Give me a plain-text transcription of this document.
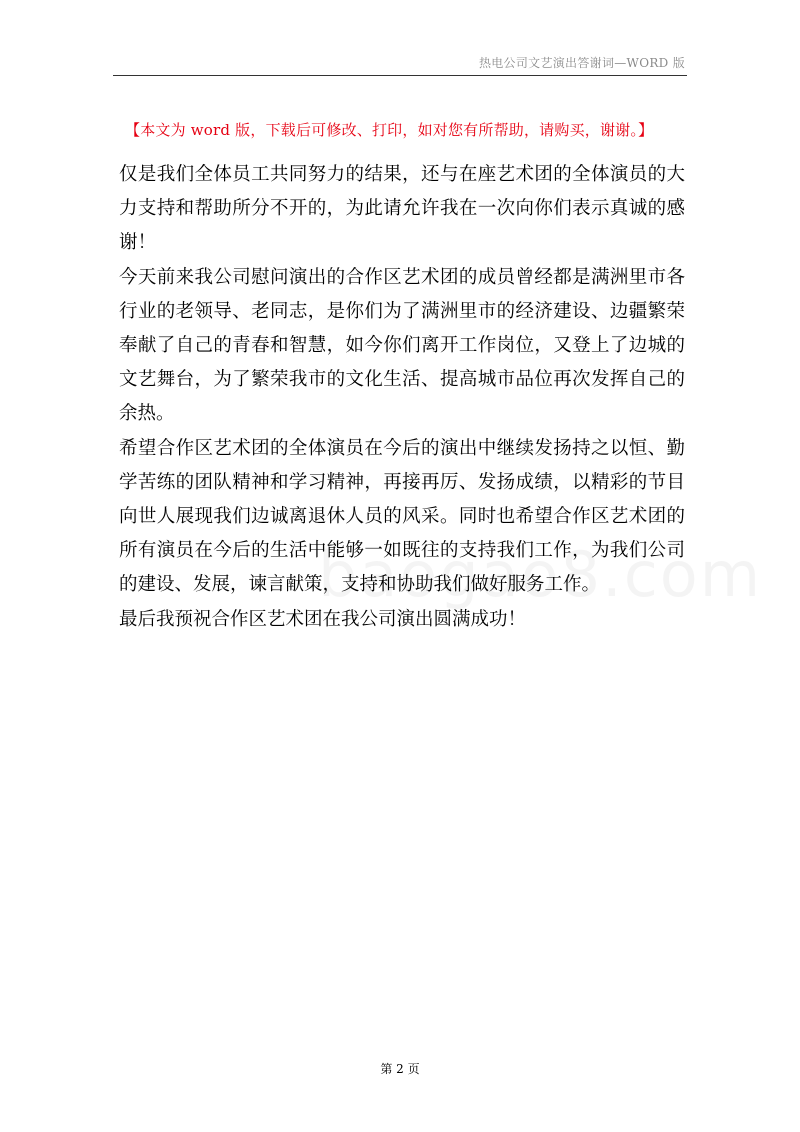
热电公司文艺演出答谢词—WORD 版
【本文为 word 版，下载后可修改、打印，如对您有所帮助，请购买，谢谢。】

仅是我们全体员工共同努力的结果，还与在座艺术团的全体演员的大力支持和帮助所分不开的，为此请允许我在一次向你们表示真诚的感谢！

今天前来我公司慰问演出的合作区艺术团的成员曾经都是满洲里市各行业的老领导、老同志，是你们为了满洲里市的经济建设、边疆繁荣奉献了自己的青春和智慧，如今你们离开工作岗位，又登上了边城的文艺舞台，为了繁荣我市的文化生活、提高城市品位再次发挥自己的余热。

希望合作区艺术团的全体演员在今后的演出中继续发扬持之以恒、勤学苦练的团队精神和学习精神，再接再厉、发扬成绩，以精彩的节目向世人展现我们边诚离退休人员的风采。同时也希望合作区艺术团的所有演员在今后的生活中能够一如既往的支持我们工作，为我们公司的建设、发展，谏言献策，支持和协助我们做好服务工作。

最后我预祝合作区艺术团在我公司演出圆满成功！

第 2 页
